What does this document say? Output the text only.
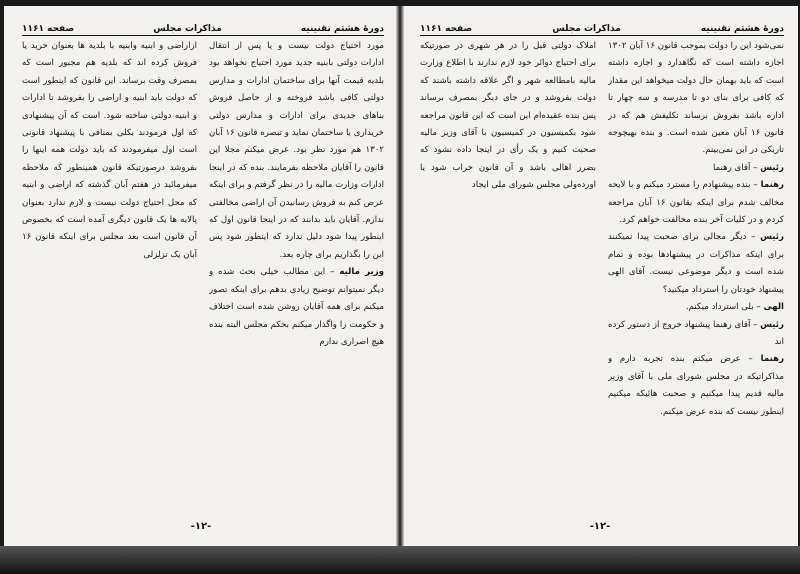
دورهٔ هشتم تقنینیه
مذاکرات مجلس
صفحه ۱۱۶۱

مورد احتیاج دولت نیست و یا پس از انتقال ادارات دولتی بابنیه جدید مورد احتیاج نخواهد بود بلدیه قیمت آنها برای ساختمان ادارات و مدارس دولتی کافی باشد فروخته و از حاصل فروش بناهای جدیدی برای ادارات و مدارس دولتی خریداری یا ساختمان نماید و تبصره قانون ۱۶ آبان ۱۳۰۲ هم مورد نظر بود. عرض میکنم مجلا این قانون را آقایان ملاحظه بفرمایند. بنده که در اینجا ادارات وزارت مالیه را در نظر گرفتم و برای اینکه عرض کنم به فروش رسانیدن آن اراضی مخالفتی ندارم. آقایان باید بدانند که در اینجا قانون اول که اینطور پیدا شود دلیل ندارد که اینطور شود پس این را بگذاریم برای چاره بعد.

وزیر مالیه – این مطالب خیلی بحث شده و دیگر نمیتوانم توضیح زیادی بدهم برای اینکه تصور میکنم برای همه آقایان روشن شده است اختلاف و حکومت را واگذار میکنم بحکم مجلس البته بنده هیچ اصراری ندارم

ازاراضی و ابنیه وابنیه با بلدیه ها بعنوان خرید یا فروش کرده اند که بلدیه هم مجبور است که بمصرف وقت برساند. این قانون که اینطور است که دولت باید ابنیه و اراضی را بفروشد تا ادارات و ابنیه دولتی ساخته شود. است که آن پیشنهادی که اول فرمودند بکلی بمنافی با پیشنهاد قانونی است اول میفرمودند که باید دولت همه اینها را بفروشد درصورتیکه قانون همینطور که ملاحظه میفرمائید در هفتم آبان گذشته که اراضی و ابنیه که محل احتیاج دولت نیست و لازم ندارد بعنوان پالایه ها یک قانون دیگری آمده است که بخصوص آن قانون است بعد مجلس برای اینکه قانون ۱۶ آبان یک تزلزلی

-۱۲-
دورهٔ هشتم تقنینیه
مذاکرات مجلس
صفحه ۱۱۶۱

نمی‌شود این را دولت بموجب قانون ۱۶ آبان ۱۳۰۲ اجازه داشته است که نگاهدارد و اجازه داشته است که باید بهمان حال دولت میخواهد این مقدار که کافی برای بنای دو تا مدرسه و سه چهار تا اداره باشد بفروش برساند تکلیفش هم که در قانون ۱۶ آبان معین شده است. و بنده بهیچوجه تاریکی در این نمی‌بینم.

رئیس – آقای رهنما

رهنما – بنده پیشنهادم را مسترد میکنم و با لایحه مخالف شدم برای اینکه بقانون ۱۶ آبان مراجعه کردم و در کلیات آخر بنده مخالفت خواهم کرد.

رئیس – دیگر مجالی برای صحبت پیدا نمیکنند برای اینکه مذاکرات در پیشنهادها بوده و تمام شده است و دیگر موضوعی نیست. آقای الهی پیشنهاد خودتان را استرداد میکنید؟

الهی – بلی استرداد میکنم.

رئیس – آقای رهنما پیشنهاد خروج از دستور کرده اند

رهنما – عرض میکنم بنده تجربه دارم و مذاکراتیکه در مجلس شورای ملی با آقای وزیر مالیه قدیم پیدا میکنیم و صحبت هائیکه میکنیم اینطور نیست که بنده عرض میکنم.

املاک دولتی قبل را در هر شهری در صورتیکه برای احتیاج دوائر خود لازم ندارند با اطلاع وزارت مالیه بامطالعه شهر و اگر علاقه داشته باشند که دولت بفروشد و در جای دیگر بمصرف برساند پس بنده عقیده‌ام این است که این قانون مراجعه شود بکمیسیون در کمیسیون با آقای وزیر مالیه صحبت کنیم و یک رأی در اینجا داده نشود که بضرر اهالی باشد و آن قانون خراب شود یا اورده‌ولی مجلس شورای ملی ایجاد

-۱۲-
